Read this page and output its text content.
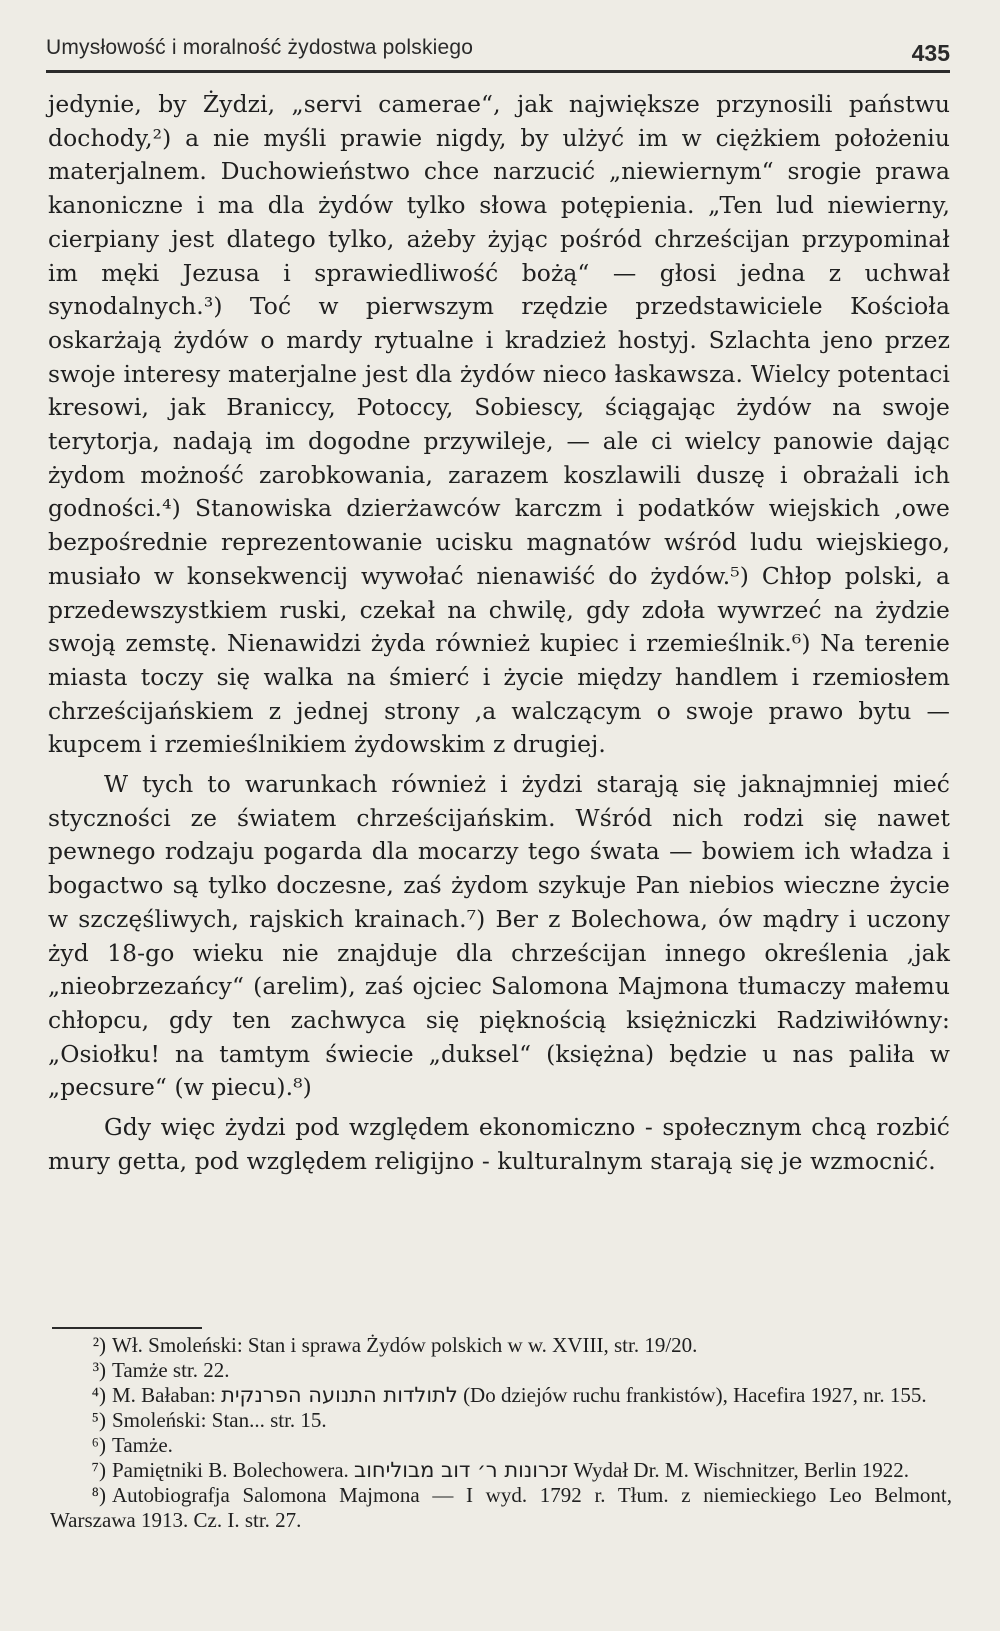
Umysłowość i moralność żydostwa polskiego	435

jedynie, by Żydzi, „servi camerae“, jak największe przynosili państwu dochody,²) a nie myśli prawie nigdy, by ulżyć im w ciężkiem położeniu materjalnem. Duchowieństwo chce narzucić „niewiernym“ srogie prawa kanoniczne i ma dla żydów tylko słowa potępienia. „Ten lud niewierny, cierpiany jest dlatego tylko, ażeby żyjąc pośród chrześcijan przypominał im męki Jezusa i sprawiedliwość bożą“ — głosi jedna z uchwał synodalnych.³) Toć w pierwszym rzędzie przedstawiciele Kościoła oskarżają żydów o mardy rytualne i kradzież hostyj. Szlachta jeno przez swoje interesy materjalne jest dla żydów nieco łaskawsza. Wielcy potentaci kresowi, jak Braniccy, Potoccy, Sobiescy, ściągając żydów na swoje terytorja, nadają im dogodne przywileje, — ale ci wielcy panowie dając żydom możność zarobkowania, zarazem koszlawili duszę i obrażali ich godności.⁴) Stanowiska dzierżawców karczm i podatków wiejskich ,owe bezpośrednie reprezentowanie ucisku magnatów wśród ludu wiejskiego, musiało w konsekwencij wywołać nienawiść do żydów.⁵) Chłop polski, a przedewszystkiem ruski, czekał na chwilę, gdy zdoła wywrzeć na żydzie swoją zemstę. Nienawidzi żyda również kupiec i rzemieślnik.⁶) Na terenie miasta toczy się walka na śmierć i życie między handlem i rzemiosłem chrześcijańskiem z jednej strony ,a walczącym o swoje prawo bytu — kupcem i rzemieślnikiem żydowskim z drugiej.

W tych to warunkach również i żydzi starają się jaknajmniej mieć styczności ze światem chrześcijańskim. Wśród nich rodzi się nawet pewnego rodzaju pogarda dla mocarzy tego śwata — bowiem ich władza i bogactwo są tylko doczesne, zaś żydom szykuje Pan niebios wieczne życie w szczęśliwych, rajskich krainach.⁷) Ber z Bolechowa, ów mądry i uczony żyd 18-go wieku nie znajduje dla chrześcijan innego określenia ,jak „nieobrzezańcy“ (arelim), zaś ojciec Salomona Majmona tłumaczy małemu chłopcu, gdy ten zachwyca się pięknością księżniczki Radziwiłówny: „Osiołku! na tamtym świecie „duksel“ (księżna) będzie u nas paliła w „pecsure“ (w piecu).⁸)

Gdy więc żydzi pod względem ekonomiczno - społecznym chcą rozbić mury getta, pod względem religijno - kulturalnym starają się je wzmocnić.

²) Wł. Smoleński: Stan i sprawa Żydów polskich w w. XVIII, str. 19/20.

³) Tamże str. 22.

⁴) M. Bałaban: לתולדות התנועה הפרנקית (Do dziejów ruchu frankistów), Hacefira 1927, nr. 155.

⁵) Smoleński: Stan... str. 15.

⁶) Tamże.

⁷) Pamiętniki B. Bolechowera. זכרונות ר׳ דוב מבוליחוב Wydał Dr. M. Wischnitzer, Berlin 1922.

⁸) Autobiografja Salomona Majmona — I wyd. 1792 r. Tłum. z niemieckiego Leo Belmont, Warszawa 1913. Cz. I. str. 27.
